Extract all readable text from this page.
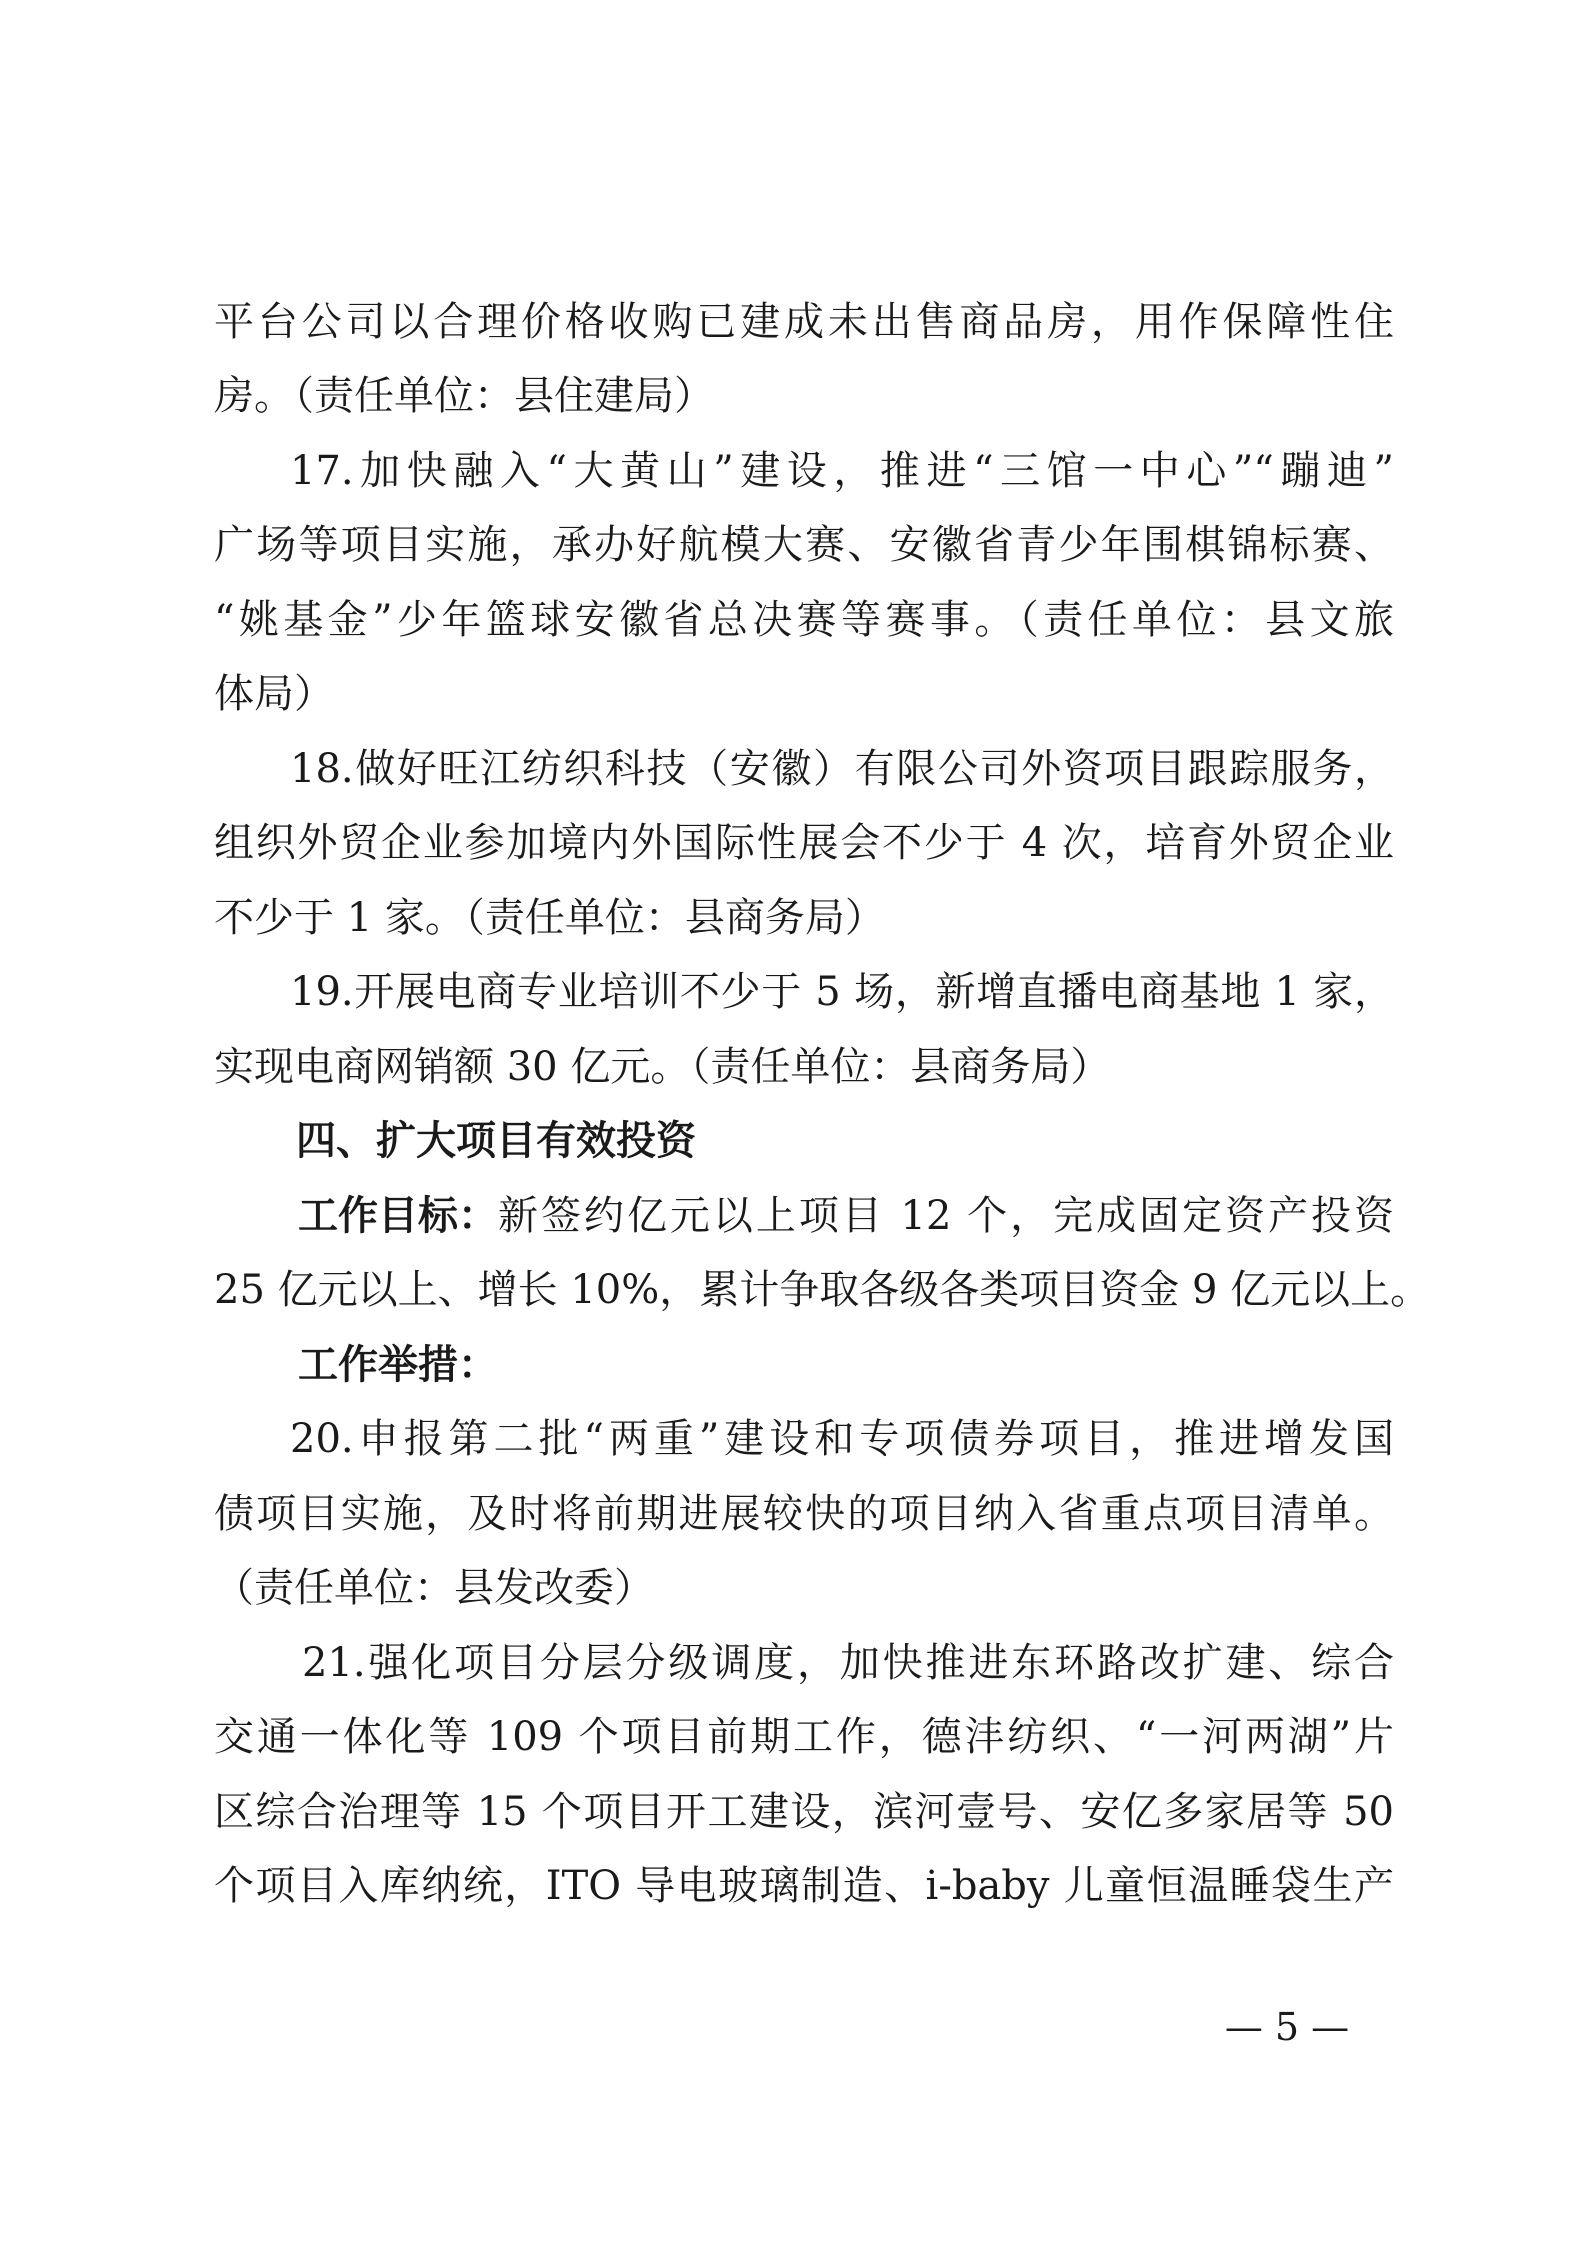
平台公司以合理价格收购已建成未出售商品房，用作保障性住
房。（责任单位：县住建局）
17.加快融入“大黄山”建设，推进“三馆一中心”“蹦迪”
广场等项目实施，承办好航模大赛、安徽省青少年围棋锦标赛、
“姚基金”少年篮球安徽省总决赛等赛事。（责任单位：县文旅
体局）
18.做好旺江纺织科技（安徽）有限公司外资项目跟踪服务，
组织外贸企业参加境内外国际性展会不少于 4 次，培育外贸企业
不少于 1 家。（责任单位：县商务局）
19.开展电商专业培训不少于 5 场，新增直播电商基地 1 家，
实现电商网销额 30 亿元。（责任单位：县商务局）
四、扩大项目有效投资
工作目标： 新签约亿元以上项目 12 个，完成固定资产投资
25 亿元以上、增长 10%，累计争取各级各类项目资金 9 亿元以上。
工作举措：
20.申报第二批“两重”建设和专项债券项目，推进增发国
债项目实施，及时将前期进展较快的项目纳入省重点项目清单。
（责任单位：县发改委）
21.强化项目分层分级调度，加快推进东环路改扩建、综合
交通一体化等 109 个项目前期工作，德沣纺织、“一河两湖”片
区综合治理等 15 个项目开工建设，滨河壹号、安亿多家居等 50
个项目入库纳统，ITO 导电玻璃制造、i-baby 儿童恒温睡袋生产
— 5 —
